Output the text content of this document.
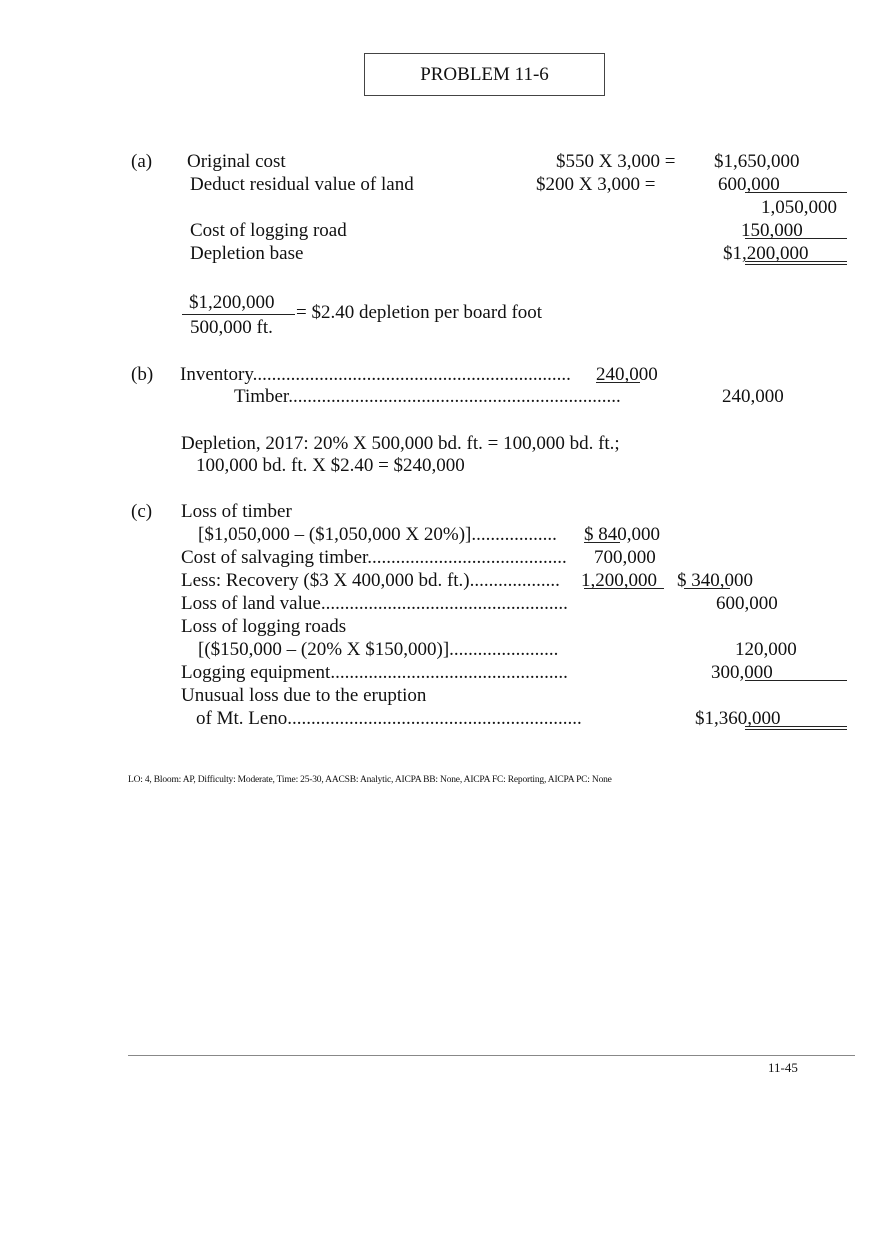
PROBLEM 11-6
(a) Original cost	$550 X 3,000 = $1,650,000
Deduct residual value of land	$200 X 3,000 =	600,000
1,050,000
Cost of logging road	150,000
Depletion base	$1,200,000
$1,200,000
500,000 ft.
= $2.40 depletion per board foot
(b) Inventory................................................................... 240,000
Timber......................................................................	240,000
Depletion, 2017: 20% X 500,000 bd. ft. = 100,000 bd. ft.;
100,000 bd. ft. X $2.40 = $240,000
(c) Loss of timber
[$1,050,000 – ($1,050,000 X 20%)].................. $ 840,000
Cost of salvaging timber.......................................... 700,000
Less: Recovery ($3 X 400,000 bd. ft.)................... 1,200,000 $ 340,000
Loss of land value....................................................	600,000
Loss of logging roads
[($150,000 – (20% X $150,000)].......................	120,000
Logging equipment..................................................	300,000
Unusual loss due to the eruption
of Mt. Leno..............................................................	$1,360,000
LO: 4, Bloom: AP, Difficulty: Moderate, Time: 25-30, AACSB: Analytic, AICPA BB: None, AICPA FC: Reporting, AICPA PC: None
11-45
